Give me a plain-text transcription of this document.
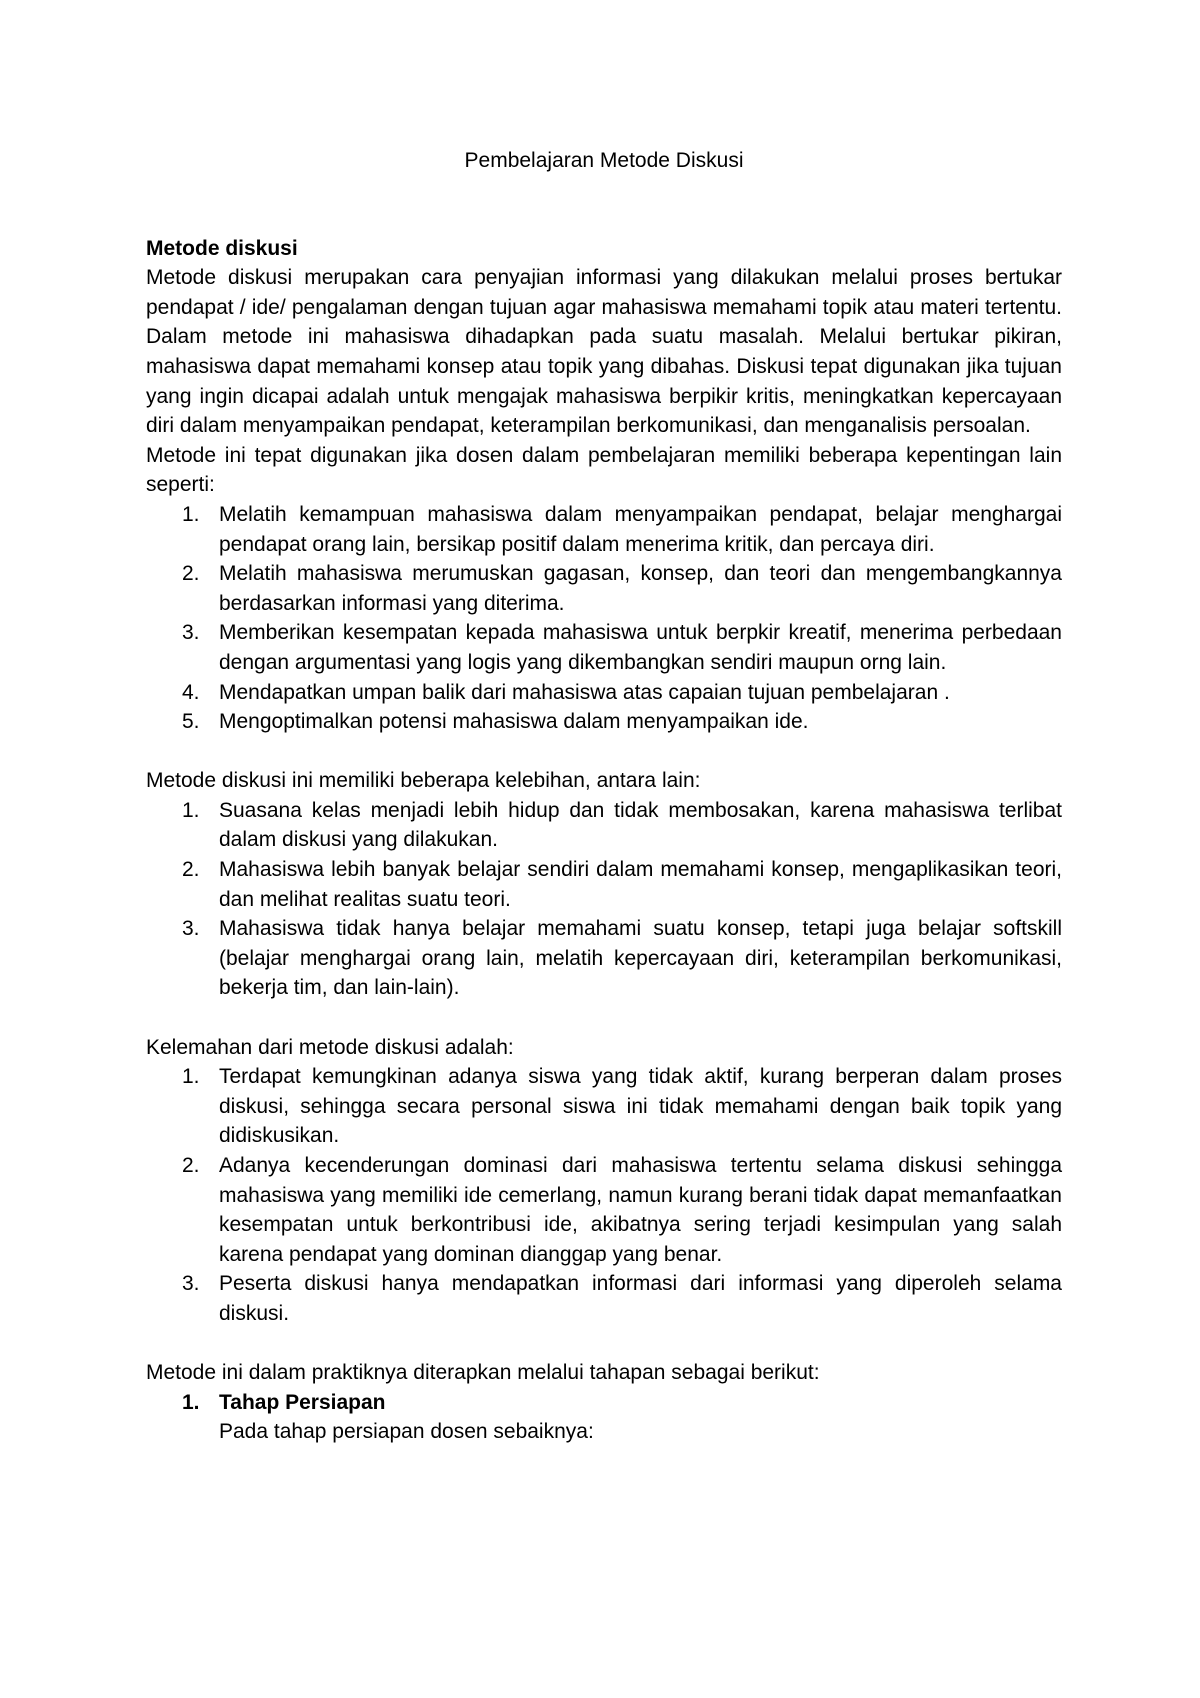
Pembelajaran Metode Diskusi

Metode diskusi

Metode diskusi merupakan cara penyajian informasi yang dilakukan melalui proses bertukar pendapat / ide/ pengalaman dengan tujuan agar mahasiswa memahami topik atau materi tertentu. Dalam metode ini mahasiswa dihadapkan pada suatu masalah. Melalui bertukar pikiran, mahasiswa dapat memahami konsep atau topik yang dibahas. Diskusi tepat digunakan jika tujuan yang ingin dicapai adalah untuk mengajak mahasiswa berpikir kritis, meningkatkan kepercayaan diri dalam menyampaikan pendapat, keterampilan berkomunikasi, dan menganalisis persoalan.

Metode ini tepat digunakan jika dosen dalam pembelajaran memiliki beberapa kepentingan lain seperti:

1. Melatih kemampuan mahasiswa dalam menyampaikan pendapat, belajar menghargai pendapat orang lain, bersikap positif dalam menerima kritik, dan percaya diri.
2. Melatih mahasiswa merumuskan gagasan, konsep, dan teori dan mengembangkannya berdasarkan informasi yang diterima.
3. Memberikan kesempatan kepada mahasiswa untuk berpkir kreatif, menerima perbedaan dengan argumentasi yang logis yang dikembangkan sendiri maupun orng lain.
4. Mendapatkan umpan balik dari mahasiswa atas capaian tujuan pembelajaran .
5. Mengoptimalkan potensi mahasiswa dalam menyampaikan ide.

Metode diskusi ini memiliki beberapa kelebihan, antara lain:

1. Suasana kelas menjadi lebih hidup dan tidak membosakan, karena mahasiswa terlibat dalam diskusi yang dilakukan.
2. Mahasiswa lebih banyak belajar sendiri dalam memahami konsep, mengaplikasikan teori, dan melihat realitas suatu teori.
3. Mahasiswa tidak hanya belajar memahami suatu konsep, tetapi juga belajar softskill (belajar menghargai orang lain, melatih kepercayaan diri, keterampilan berkomunikasi, bekerja tim, dan lain-lain).

Kelemahan dari metode diskusi adalah:

1. Terdapat kemungkinan adanya siswa yang tidak aktif, kurang berperan dalam proses diskusi, sehingga secara personal siswa ini tidak memahami dengan baik topik yang didiskusikan.
2. Adanya kecenderungan dominasi dari mahasiswa tertentu selama diskusi sehingga mahasiswa yang memiliki ide cemerlang, namun kurang berani tidak dapat memanfaatkan kesempatan untuk berkontribusi ide, akibatnya sering terjadi kesimpulan yang salah karena pendapat yang dominan dianggap yang benar.
3. Peserta diskusi hanya mendapatkan informasi dari informasi yang diperoleh selama diskusi.

Metode ini dalam praktiknya diterapkan melalui tahapan sebagai berikut:

1. Tahap Persiapan

Pada tahap persiapan dosen sebaiknya:
